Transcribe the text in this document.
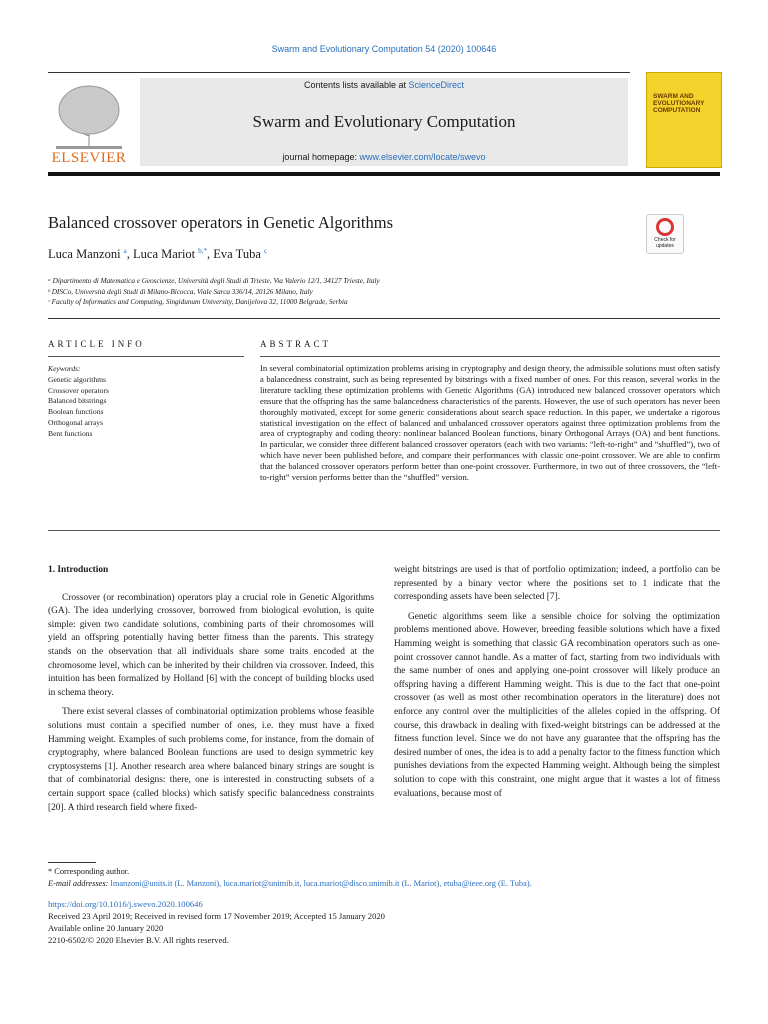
Swarm and Evolutionary Computation 54 (2020) 100646
ELSEVIER
Contents lists available at ScienceDirect
Swarm and Evolutionary Computation
journal homepage: www.elsevier.com/locate/swevo
SWARM AND EVOLUTIONARY COMPUTATION
Balanced crossover operators in Genetic Algorithms
Check for updates
Luca Manzoni $^a$, Luca Mariot $^{b,*}$, Eva Tuba $^c$
ᵃ Dipartimento di Matematica e Geoscienze, Università degli Studi di Trieste, Via Valerio 12/1, 34127 Trieste, Italy
ᵇ DISCo, Università degli Studi di Milano-Bicocca, Viale Sarca 336/14, 20126 Milano, Italy
ᶜ Faculty of Informatics and Computing, Singidunum University, Danijelova 32, 11000 Belgrade, Serbia
ARTICLE INFO
Keywords:
Genetic algorithms
Crossover operators
Balanced bitstrings
Boolean functions
Orthogonal arrays
Bent functions
ABSTRACT
In several combinatorial optimization problems arising in cryptography and design theory, the admissible solutions must often satisfy a balancedness constraint, such as being represented by bitstrings with a fixed number of ones. For this reason, several works in the literature tackling these optimization problems with Genetic Algorithms (GA) introduced new balanced crossover operators which ensure that the offspring has the same balancedness characteristics of the parents. However, the use of such operators has never been thoroughly motivated, except for some generic considerations about search space reduction. In this paper, we undertake a rigorous statistical investigation on the effect of balanced and unbalanced crossover operators against three optimization problems from the area of cryptography and coding theory: nonlinear balanced Boolean functions, binary Orthogonal Arrays (OA) and bent functions. In particular, we consider three different balanced crossover operators (each with two variants: “left-to-right” and “shuffled”), two of which have never been published before, and compare their performances with classic one-point crossover. We are able to confirm that the balanced crossover operators perform better than one-point crossover. Furthermore, in two out of three crossovers, the “left-to-right” version performs better than the “shuffled” version.
1. Introduction

Crossover (or recombination) operators play a crucial role in Genetic Algorithms (GA). The idea underlying crossover, borrowed from biological evolution, is quite simple: given two candidate solutions, combining parts of their chromosomes will yield an offspring potentially having better fitness than the parents. This strategy stands on the observation that all individuals share some traits encoded at the chromosome level, which can be inherited by their children via crossover. Indeed, this intuition has been formalized by Holland [6] with the concept of building blocks used in schema theory.

There exist several classes of combinatorial optimization problems whose feasible solutions must contain a specified number of ones, i.e. they must have a fixed Hamming weight. Examples of such problems come, for instance, from the domain of cryptography, where balanced Boolean functions are used to design symmetric key cryptosystems [1]. Another research area where balanced binary strings are sought is that of combinatorial designs: there, one is interested in constructing subsets of a certain support space (called blocks) which satisfy specific balancedness constraints [20]. A third research field where fixed-

weight bitstrings are used is that of portfolio optimization; indeed, a portfolio can be represented by a binary vector where the positions set to 1 indicate that the corresponding assets have been selected [7].

Genetic algorithms seem like a sensible choice for solving the optimization problems mentioned above. However, breeding feasible solutions which have a fixed Hamming weight is something that classic GA recombination operators such as one-point crossover cannot handle. As a matter of fact, starting from two individuals with the same number of ones and applying one-point crossover will likely produce an offspring having a different Hamming weight. This is due to the fact that one-point crossover (as well as most other recombination operators in the literature) does not enforce any control over the multiplicities of the alleles copied in the offspring. Of course, this drawback in dealing with fixed-weight bitstrings can be addressed at the fitness function level. Since we do not have any guarantee that the offspring has the desired number of ones, the idea is to add a penalty factor to the fitness function which punishes deviations from the expected Hamming weight. Although being the simplest solution to cope with this constraint, one might argue that it wastes a lot of fitness evaluations, because most of

* Corresponding author.
E-mail addresses: lmanzoni@units.it (L. Manzoni), luca.mariot@unimib.it, luca.mariot@disco.unimib.it (L. Mariot), etuba@ieee.org (E. Tuba).
https://doi.org/10.1016/j.swevo.2020.100646
Received 23 April 2019; Received in revised form 17 November 2019; Accepted 15 January 2020
Available online 20 January 2020
2210-6502/© 2020 Elsevier B.V. All rights reserved.
